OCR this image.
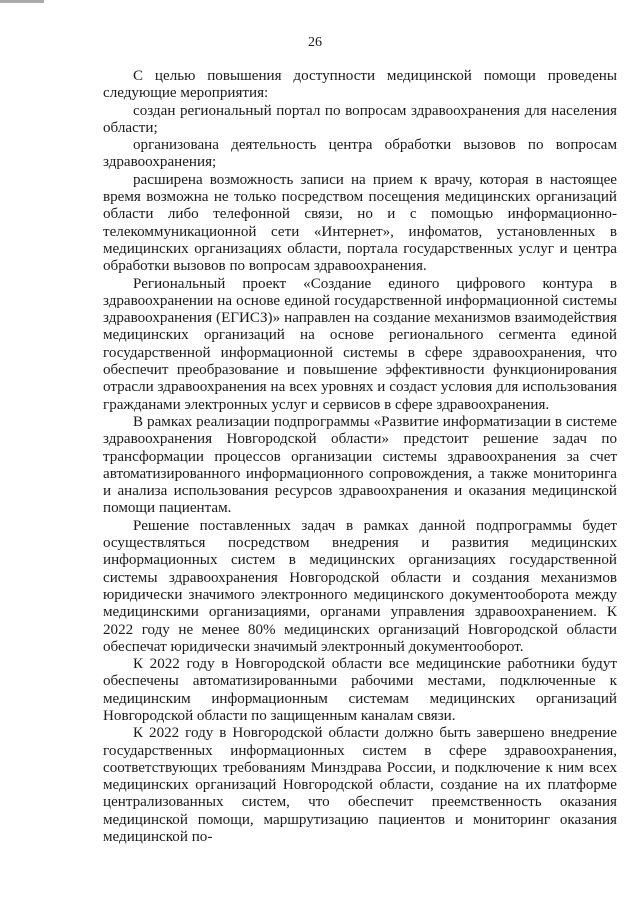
26

С целью повышения доступности медицинской помощи проведены следующие мероприятия:

создан региональный портал по вопросам здравоохранения для населения области;

организована деятельность центра обработки вызовов по вопросам здравоохранения;

расширена возможность записи на прием к врачу, которая в настоящее время возможна не только посредством посещения медицинских организаций области либо телефонной связи, но и с помощью информационно-телекоммуникационной сети «Интернет», инфоматов, установленных в медицинских организациях области, портала государственных услуг и центра обработки вызовов по вопросам здравоохранения.

Региональный проект «Создание единого цифрового контура в здравоохранении на основе единой государственной информационной системы здравоохранения (ЕГИСЗ)» направлен на создание механизмов взаимодействия медицинских организаций на основе регионального сегмента единой государственной информационной системы в сфере здравоохранения, что обеспечит преобразование и повышение эффективности функционирования отрасли здравоохранения на всех уровнях и создаст условия для использования гражданами электронных услуг и сервисов в сфере здравоохранения.

В рамках реализации подпрограммы «Развитие информатизации в системе здравоохранения Новгородской области» предстоит решение задач по трансформации процессов организации системы здравоохранения за счет автоматизированного информационного сопровождения, а также мониторинга и анализа использования ресурсов здравоохранения и оказания медицинской помощи пациентам.

Решение поставленных задач в рамках данной подпрограммы будет осуществляться посредством внедрения и развития медицинских информационных систем в медицинских организациях государственной системы здравоохранения Новгородской области и создания механизмов юридически значимого электронного медицинского документооборота между медицинскими организациями, органами управления здравоохранением. К 2022 году не менее 80% медицинских организаций Новгородской области обеспечат юридически значимый электронный документооборот.

К 2022 году в Новгородской области все медицинские работники будут обеспечены автоматизированными рабочими местами, подключенные к медицинским информационным системам медицинских организаций Новгородской области по защищенным каналам связи.

К 2022 году в Новгородской области должно быть завершено внедрение государственных информационных систем в сфере здравоохранения, соответствующих требованиям Минздрава России, и подключение к ним всех медицинских организаций Новгородской области, создание на их платформе централизованных систем, что обеспечит преемственность оказания медицинской помощи, маршрутизацию пациентов и мониторинг оказания медицинской по-
